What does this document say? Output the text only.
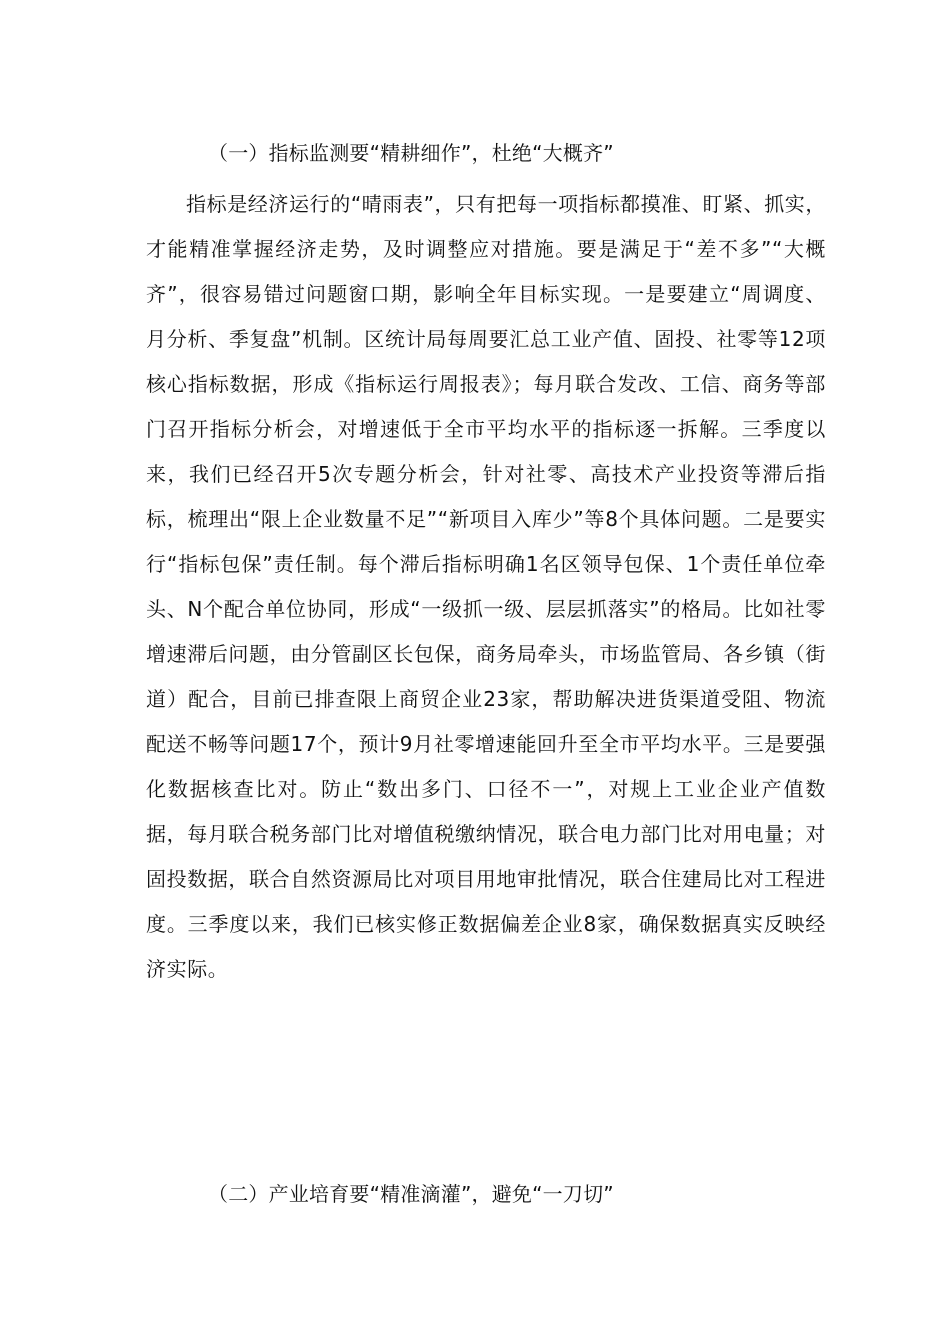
（一）指标监测要“精耕细作”，杜绝“大概齐”

指标是经济运行的“晴雨表”，只有把每一项指标都摸准、盯紧、抓实，才能精准掌握经济走势，及时调整应对措施。要是满足于“差不多”“大概齐”，很容易错过问题窗口期，影响全年目标实现。一是要建立“周调度、月分析、季复盘”机制。区统计局每周要汇总工业产值、固投、社零等12项核心指标数据，形成《指标运行周报表》；每月联合发改、工信、商务等部门召开指标分析会，对增速低于全市平均水平的指标逐一拆解。三季度以来，我们已经召开5次专题分析会，针对社零、高技术产业投资等滞后指标，梳理出“限上企业数量不足”“新项目入库少”等8个具体问题。二是要实行“指标包保”责任制。每个滞后指标明确1名区领导包保、1个责任单位牵头、N个配合单位协同，形成“一级抓一级、层层抓落实”的格局。比如社零增速滞后问题，由分管副区长包保，商务局牵头，市场监管局、各乡镇（街道）配合，目前已排查限上商贸企业23家，帮助解决进货渠道受阻、物流配送不畅等问题17个，预计9月社零增速能回升至全市平均水平。三是要强化数据核查比对。防止“数出多门、口径不一”，对规上工业企业产值数据，每月联合税务部门比对增值税缴纳情况，联合电力部门比对用电量；对固投数据，联合自然资源局比对项目用地审批情况，联合住建局比对工程进度。三季度以来，我们已核实修正数据偏差企业8家，确保数据真实反映经济实际。

（二）产业培育要“精准滴灌”，避免“一刀切”
